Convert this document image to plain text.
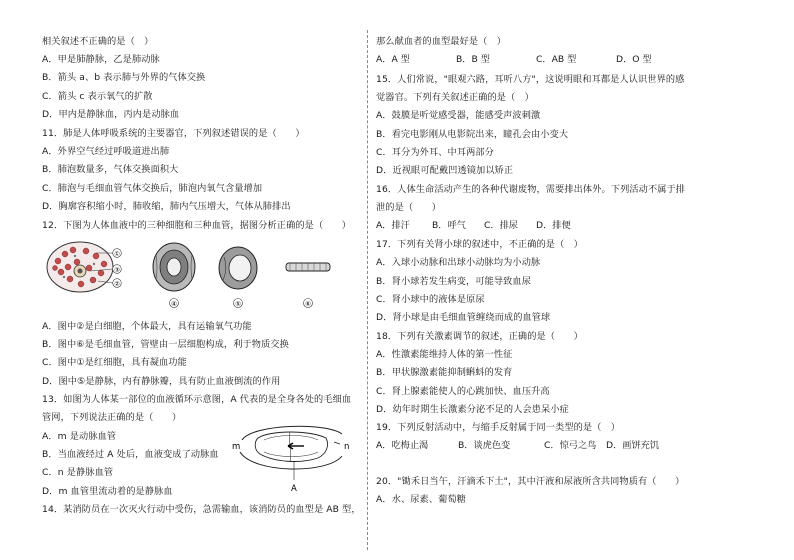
相关叙述不正确的是（　）
A．甲是肺静脉，乙是肺动脉
B．箭头 a、b 表示肺与外界的气体交换
C．箭头 c 表示氧气的扩散
D．甲内是静脉血，丙内是动脉血
11．肺是人体呼吸系统的主要器官，下列叙述错误的是（　　）
A．外界空气经过呼吸道进出肺
B．肺泡数量多，气体交换面积大
C．肺泡与毛细血管气体交换后，肺泡内氧气含量增加
D．胸廓容积缩小时，肺收缩，肺内气压增大，气体从肺排出
12．下图为人体血液中的三种细胞和三种血管，据图分析正确的是（　　）
①
③
②
④	⑤	⑥
A．图中②是白细胞，个体最大，具有运输氧气功能
B．图中⑥是毛细血管，管壁由一层细胞构成，利于物质交换
C．图中①是红细胞，具有凝血功能
D．图中⑤是静脉，内有静脉瓣，具有防止血液倒流的作用
13．如图为人体某一部位的血液循环示意图，A 代表的是全身各处的毛细血
管网，下列说法正确的是（　　）
A．m 是动脉血管
B．当血液经过 A 处后，血液变成了动脉血
C．n 是静脉血管
D．m 血管里流动着的是静脉血
14．某消防员在一次灭火行动中受伤，急需输血，该消防员的血型是 AB 型，
m	n
A
那么献血者的血型最好是（　）
A．A 型	B．B 型	C．AB 型	D．O 型
15．人们常说，"眼观六路，耳听八方"，这说明眼和耳都是人认识世界的感
觉器官。下列有关叙述正确的是（　）
A．鼓膜是听觉感受器，能感受声波刺激
B．看完电影刚从电影院出来，瞳孔会由小变大
C．耳分为外耳、中耳两部分
D．近视眼可配戴凹透镜加以矫正
16．人体生命活动产生的各种代谢废物，需要排出体外。下列活动不属于排
泄的是（　　）
A．排汗 B．呼气 C．排尿 D．排便
17．下列有关肾小球的叙述中，不正确的是（　）
A．入球小动脉和出球小动脉均为小动脉
B．肾小球若发生病变，可能导致血尿
C．肾小球中的液体是原尿
D．肾小球是由毛细血管缠绕而成的血管球
18．下列有关激素调节的叙述，正确的是（　　）
A．性激素能维持人体的第一性征
B．甲状腺激素能抑制蝌蚪的发育
C．肾上腺素能使人的心跳加快、血压升高
D．幼年时期生长激素分泌不足的人会患呆小症
19．下列反射活动中，与缩手反射属于同一类型的是（　）
A．吃梅止渴	B．谈虎色变	C．惊弓之鸟 D．画饼充饥
20．"锄禾日当午，汗滴禾下土"，其中汗液和尿液所含共同物质有（　　）
A．水、尿素、葡萄糖
